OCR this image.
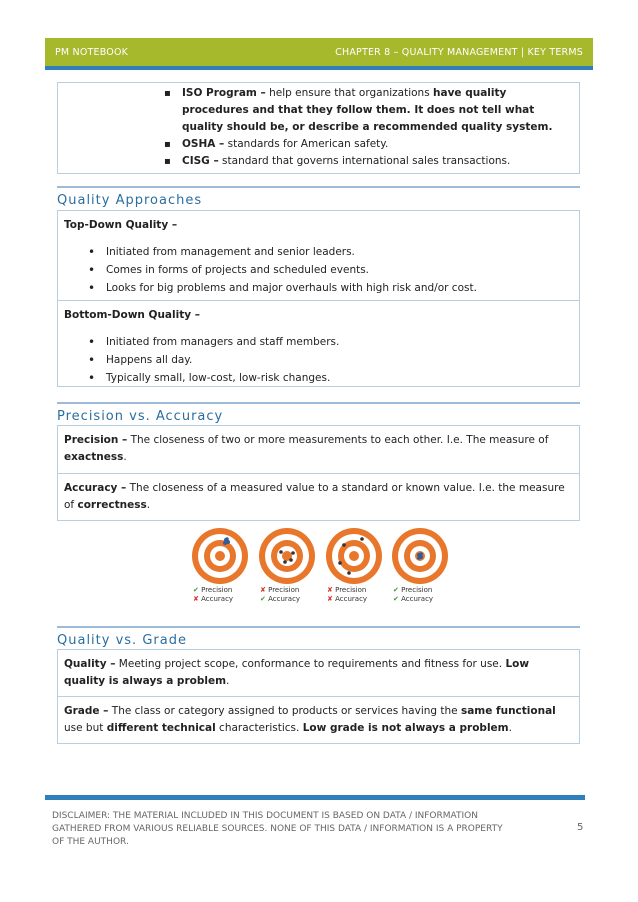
PM NOTEBOOK	CHAPTER 8 – QUALITY MANAGEMENT | KEY TERMS
▪ ISO Program – help ensure that organizations have quality procedures and that they follow them. It does not tell what quality should be, or describe a recommended quality system.
▪ OSHA – standards for American safety.
▪ CISG – standard that governs international sales transactions.
Quality Approaches
Top-Down Quality –
• Initiated from management and senior leaders.
• Comes in forms of projects and scheduled events.
• Looks for big problems and major overhauls with high risk and/or cost.
Bottom-Down Quality –
• Initiated from managers and staff members.
• Happens all day.
• Typically small, low-cost, low-risk changes.
Precision vs. Accuracy
Precision – The closeness of two or more measurements to each other. I.e. The measure of exactness.
Accuracy – The closeness of a measured value to a standard or known value. I.e. the measure of correctness.
✔ Precision
✘ Accuracy
✘ Precision
✔ Accuracy
✘ Precision
✘ Accuracy
✔ Precision
✔ Accuracy
Quality vs. Grade
Quality – Meeting project scope, conformance to requirements and fitness for use. Low quality is always a problem.
Grade – The class or category assigned to products or services having the same functional use but different technical characteristics. Low grade is not always a problem.
DISCLAIMER: THE MATERIAL INCLUDED IN THIS DOCUMENT IS BASED ON DATA / INFORMATION GATHERED FROM VARIOUS RELIABLE SOURCES. NONE OF THIS DATA / INFORMATION IS A PROPERTY OF THE AUTHOR.
5
